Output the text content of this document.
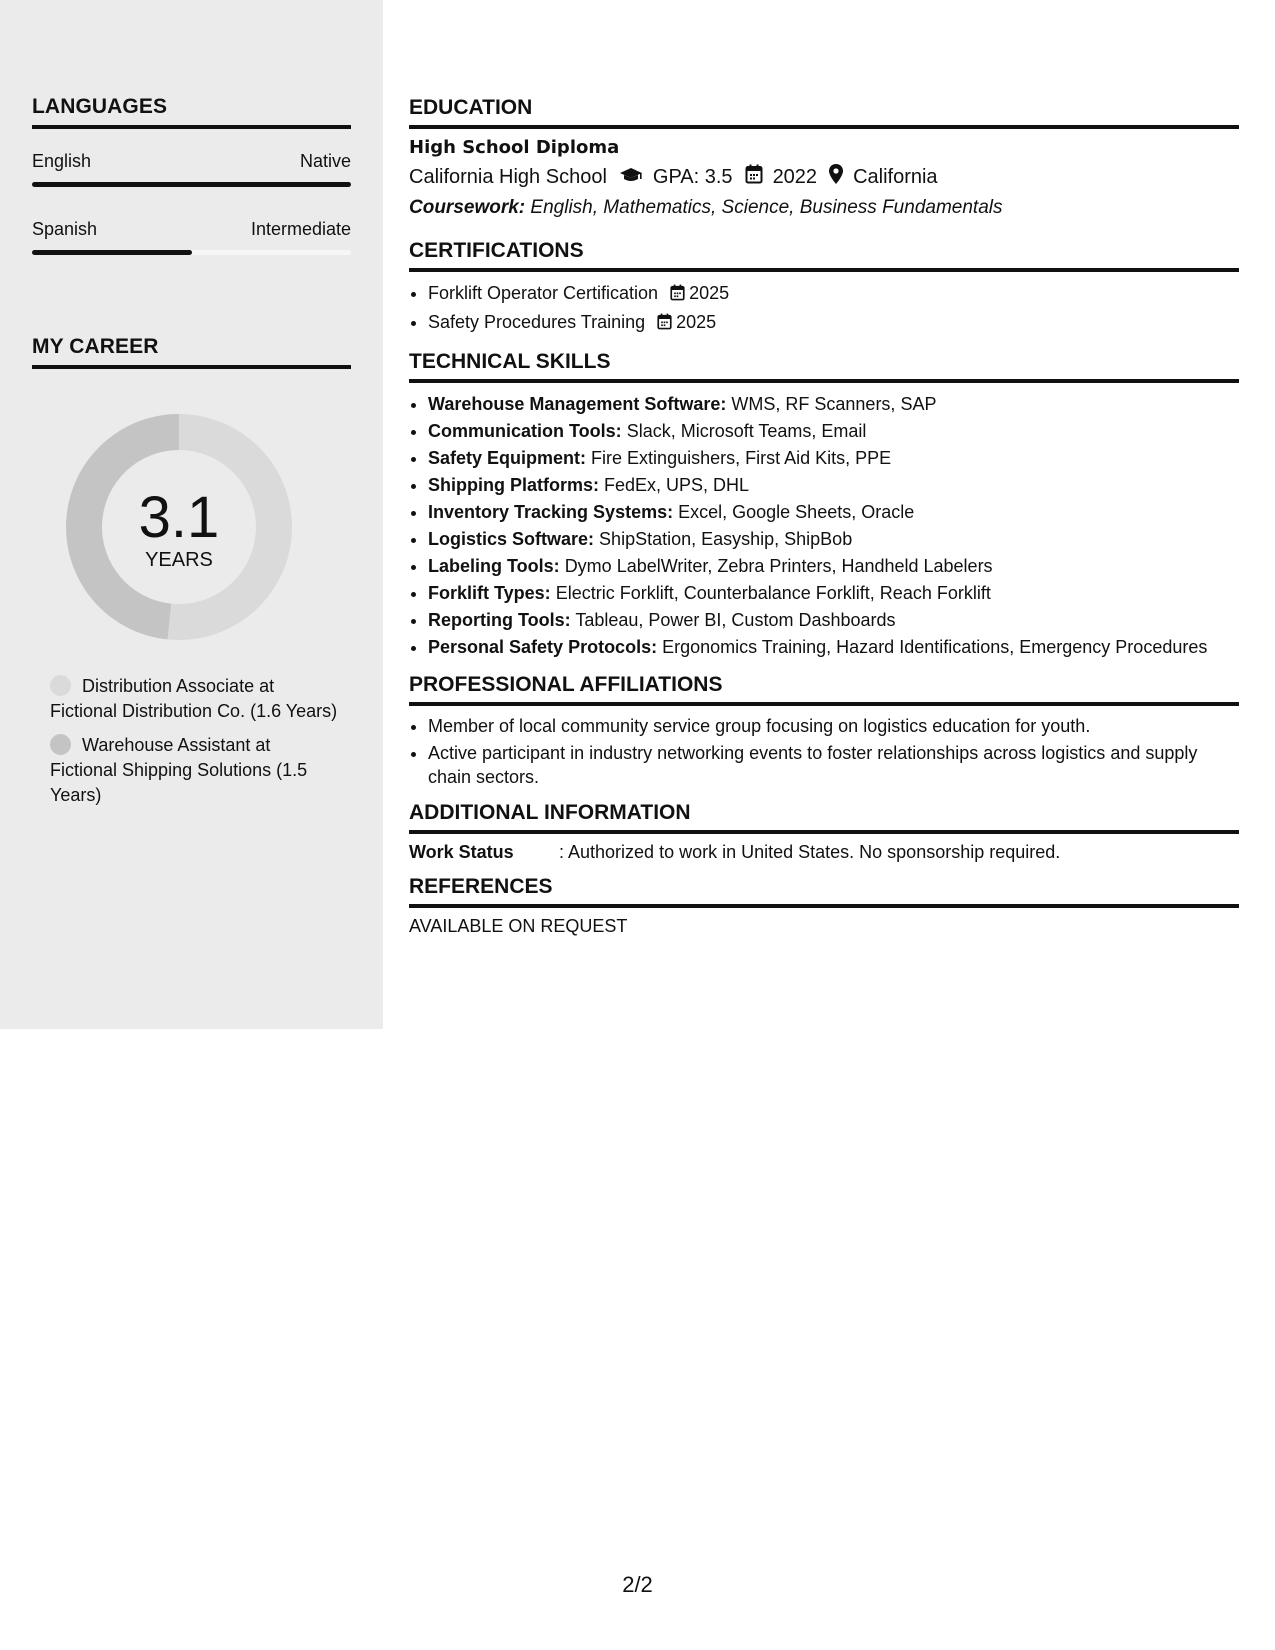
LANGUAGES
English	Native
Spanish	Intermediate
MY CAREER
3.1
YEARS
Distribution Associate at Fictional Distribution Co. (1.6 Years)
Warehouse Assistant at Fictional Shipping Solutions (1.5 Years)
EDUCATION
High School Diploma
California High School GPA: 3.5 2022 California
Coursework: English, Mathematics, Science, Business Fundamentals
CERTIFICATIONS
• Forklift Operator Certification 2025
• Safety Procedures Training 2025
TECHNICAL SKILLS
• Warehouse Management Software: WMS, RF Scanners, SAP
• Communication Tools: Slack, Microsoft Teams, Email
• Safety Equipment: Fire Extinguishers, First Aid Kits, PPE
• Shipping Platforms: FedEx, UPS, DHL
• Inventory Tracking Systems: Excel, Google Sheets, Oracle
• Logistics Software: ShipStation, Easyship, ShipBob
• Labeling Tools: Dymo LabelWriter, Zebra Printers, Handheld Labelers
• Forklift Types: Electric Forklift, Counterbalance Forklift, Reach Forklift
• Reporting Tools: Tableau, Power BI, Custom Dashboards
• Personal Safety Protocols: Ergonomics Training, Hazard Identifications, Emergency Procedures
PROFESSIONAL AFFILIATIONS
• Member of local community service group focusing on logistics education for youth.
• Active participant in industry networking events to foster relationships across logistics and supply chain sectors.
ADDITIONAL INFORMATION
Work Status	: Authorized to work in United States. No sponsorship required.
REFERENCES
AVAILABLE ON REQUEST
2/2
